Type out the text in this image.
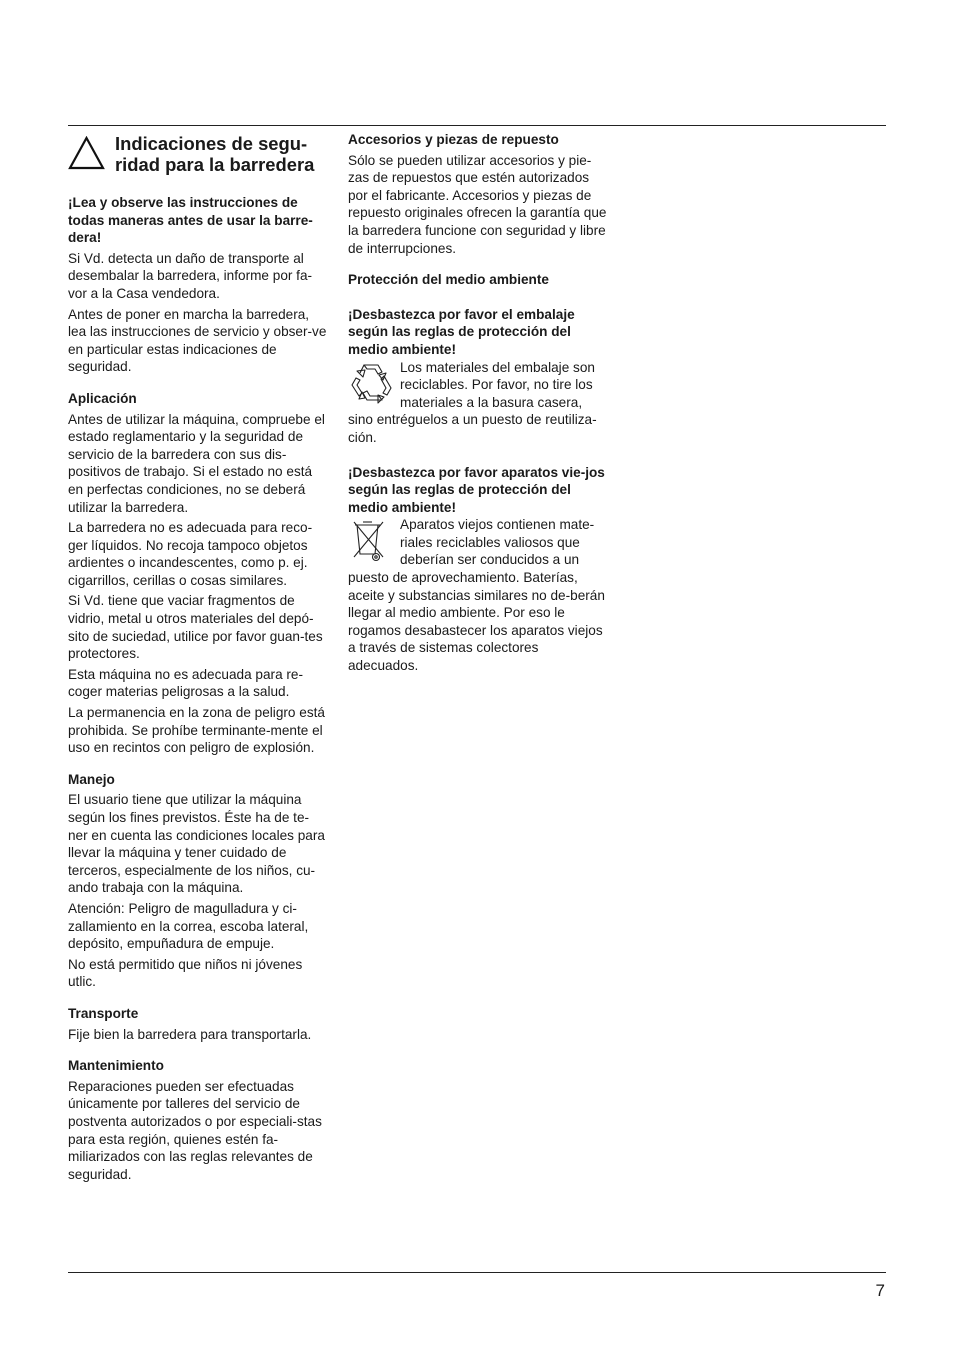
Indicaciones de segu-
ridad para la barredera

¡Lea y observe las instrucciones de todas maneras antes de usar la barre-dera!

Si Vd. detecta un daño de transporte al desembalar la barredera, informe por fa-vor a la Casa vendedora.

Antes de poner en marcha la barredera, lea las instrucciones de servicio y obser-ve en particular estas indicaciones de seguridad.

Aplicación

Antes de utilizar la máquina, compruebe el estado reglamentario y la seguridad de servicio de la barredera con sus dis-positivos de trabajo. Si el estado no está en perfectas condiciones, no se deberá utilizar la barredera.

La barredera no es adecuada para reco-ger líquidos. No recoja tampoco objetos ardientes o incandescentes, como p. ej. cigarrillos, cerillas o cosas similares.

Si Vd. tiene que vaciar fragmentos de vidrio, metal u otros materiales del depó-sito de suciedad, utilice por favor guan-tes protectores.

Esta máquina no es adecuada para re-coger materias peligrosas a la salud.

La permanencia en la zona de peligro está prohibida. Se prohíbe terminante-mente el uso en recintos con peligro de explosión.

Manejo

El usuario tiene que utilizar la máquina según los fines previstos. Éste ha de te-ner en cuenta las condiciones locales para llevar la máquina y tener cuidado de terceros, especialmente de los niños, cu-ando trabaja con la máquina.

Atención: Peligro de magulladura y ci-zallamiento en la correa, escoba lateral, depósito, empuñadura de empuje.

No está permitido que niños ni jóvenes utlic.

Transporte

Fije bien la barredera para transportarla.

Mantenimiento

Reparaciones pueden ser efectuadas únicamente por talleres del servicio de postventa autorizados o por especiali-stas para esta región, quienes estén fa-miliarizados con las reglas relevantes de seguridad.

Accesorios y piezas de repuesto

Sólo se pueden utilizar accesorios y pie-zas de repuestos que estén autorizados por el fabricante. Accesorios y piezas de repuesto originales ofrecen la garantía que la barredera funcione con seguridad y libre de interrupciones.

Protección del medio ambiente
¡Desbastezca por favor el embalaje según las reglas de protección del medio ambiente!
Los materiales del embalaje son reciclables. Por favor, no tire los materiales a la basura casera, sino entréguelos a un puesto de reutiliza-ción.
¡Desbastezca por favor aparatos vie-jos según las reglas de protección del medio ambiente!
Aparatos viejos contienen mate-riales reciclables valiosos que deberían ser conducidos a un puesto de aprovechamiento. Baterías, aceite y substancias similares no de-berán llegar al medio ambiente. Por eso le rogamos desabastecer los aparatos viejos a través de sistemas colectores adecuados.
7
